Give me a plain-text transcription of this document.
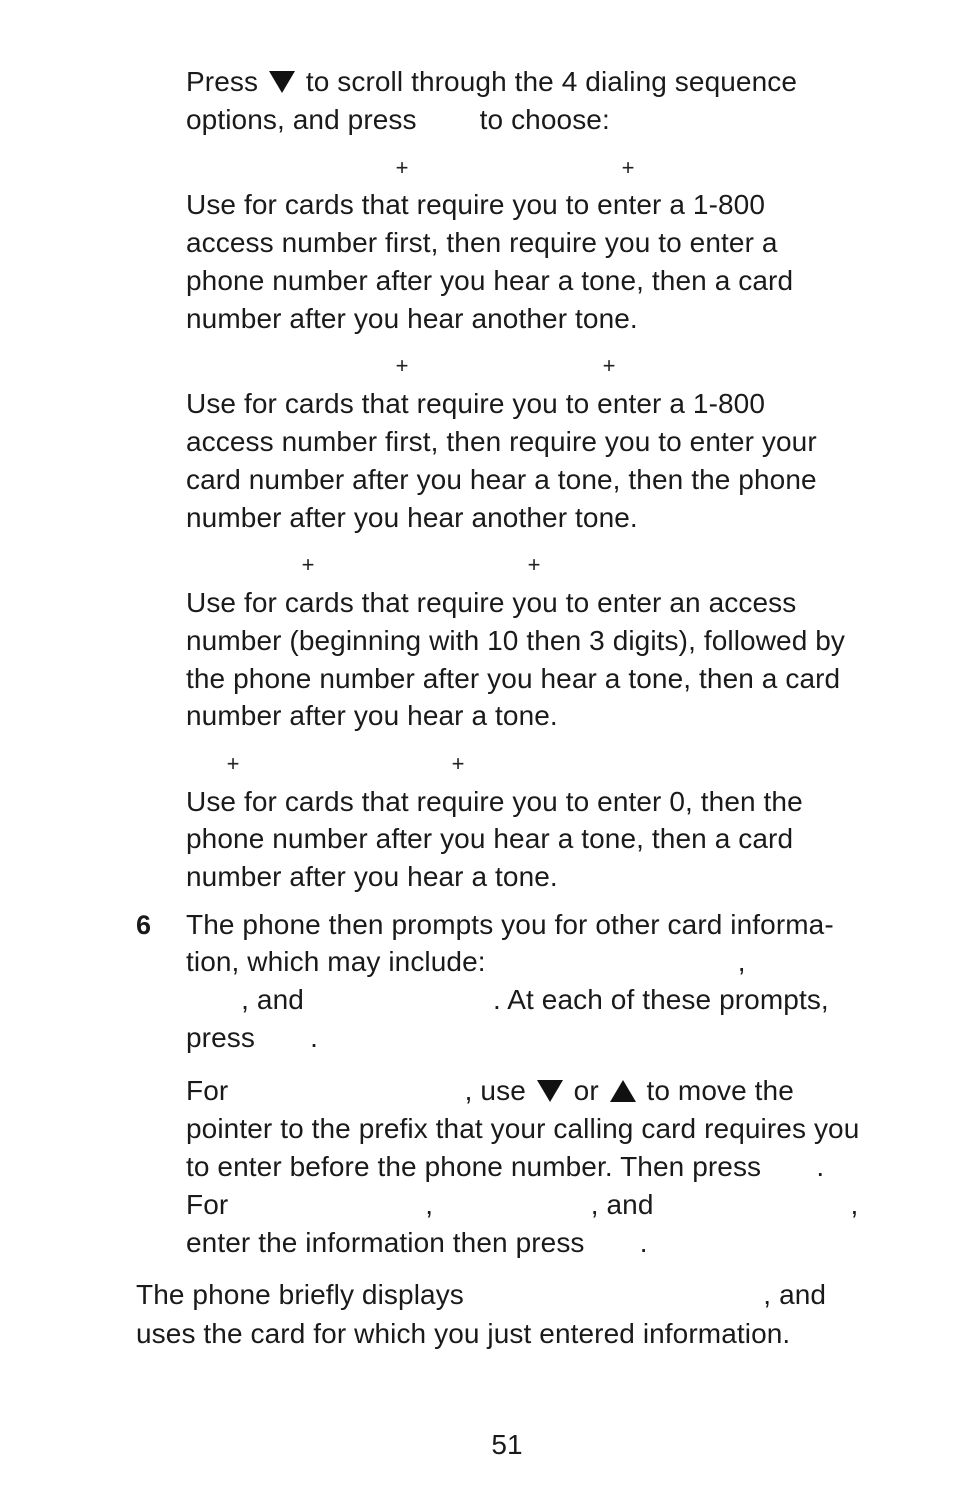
Press  to scroll through the 4 dialing sequence
options, and press        to choose:
+	+
Use for cards that require you to enter a 1-800
access number first, then require you to enter a
phone number after you hear a tone, then a card
number after you hear another tone.
+	+
Use for cards that require you to enter a 1-800
access number first, then require you to enter your
card number after you hear a tone, then the phone
number after you hear another tone.
+	+
Use for cards that require you to enter an access
number (beginning with 10 then 3 digits), followed by
the phone number after you hear a tone, then a card
number after you hear a tone.
+	+
Use for cards that require you to enter 0, then the
phone number after you hear a tone, then a card
number after you hear a tone.
6 The phone then prompts you for other card informa-
tion, which may include:                                ,
, and                        . At each of these prompts,
press       .
For                              , use  or  to move the
pointer to the prefix that your calling card requires you
to enter before the phone number. Then press       .
For                         ,                    , and                         ,
enter the information then press       .
The phone briefly displays                                      , and
uses the card for which you just entered information.
51
